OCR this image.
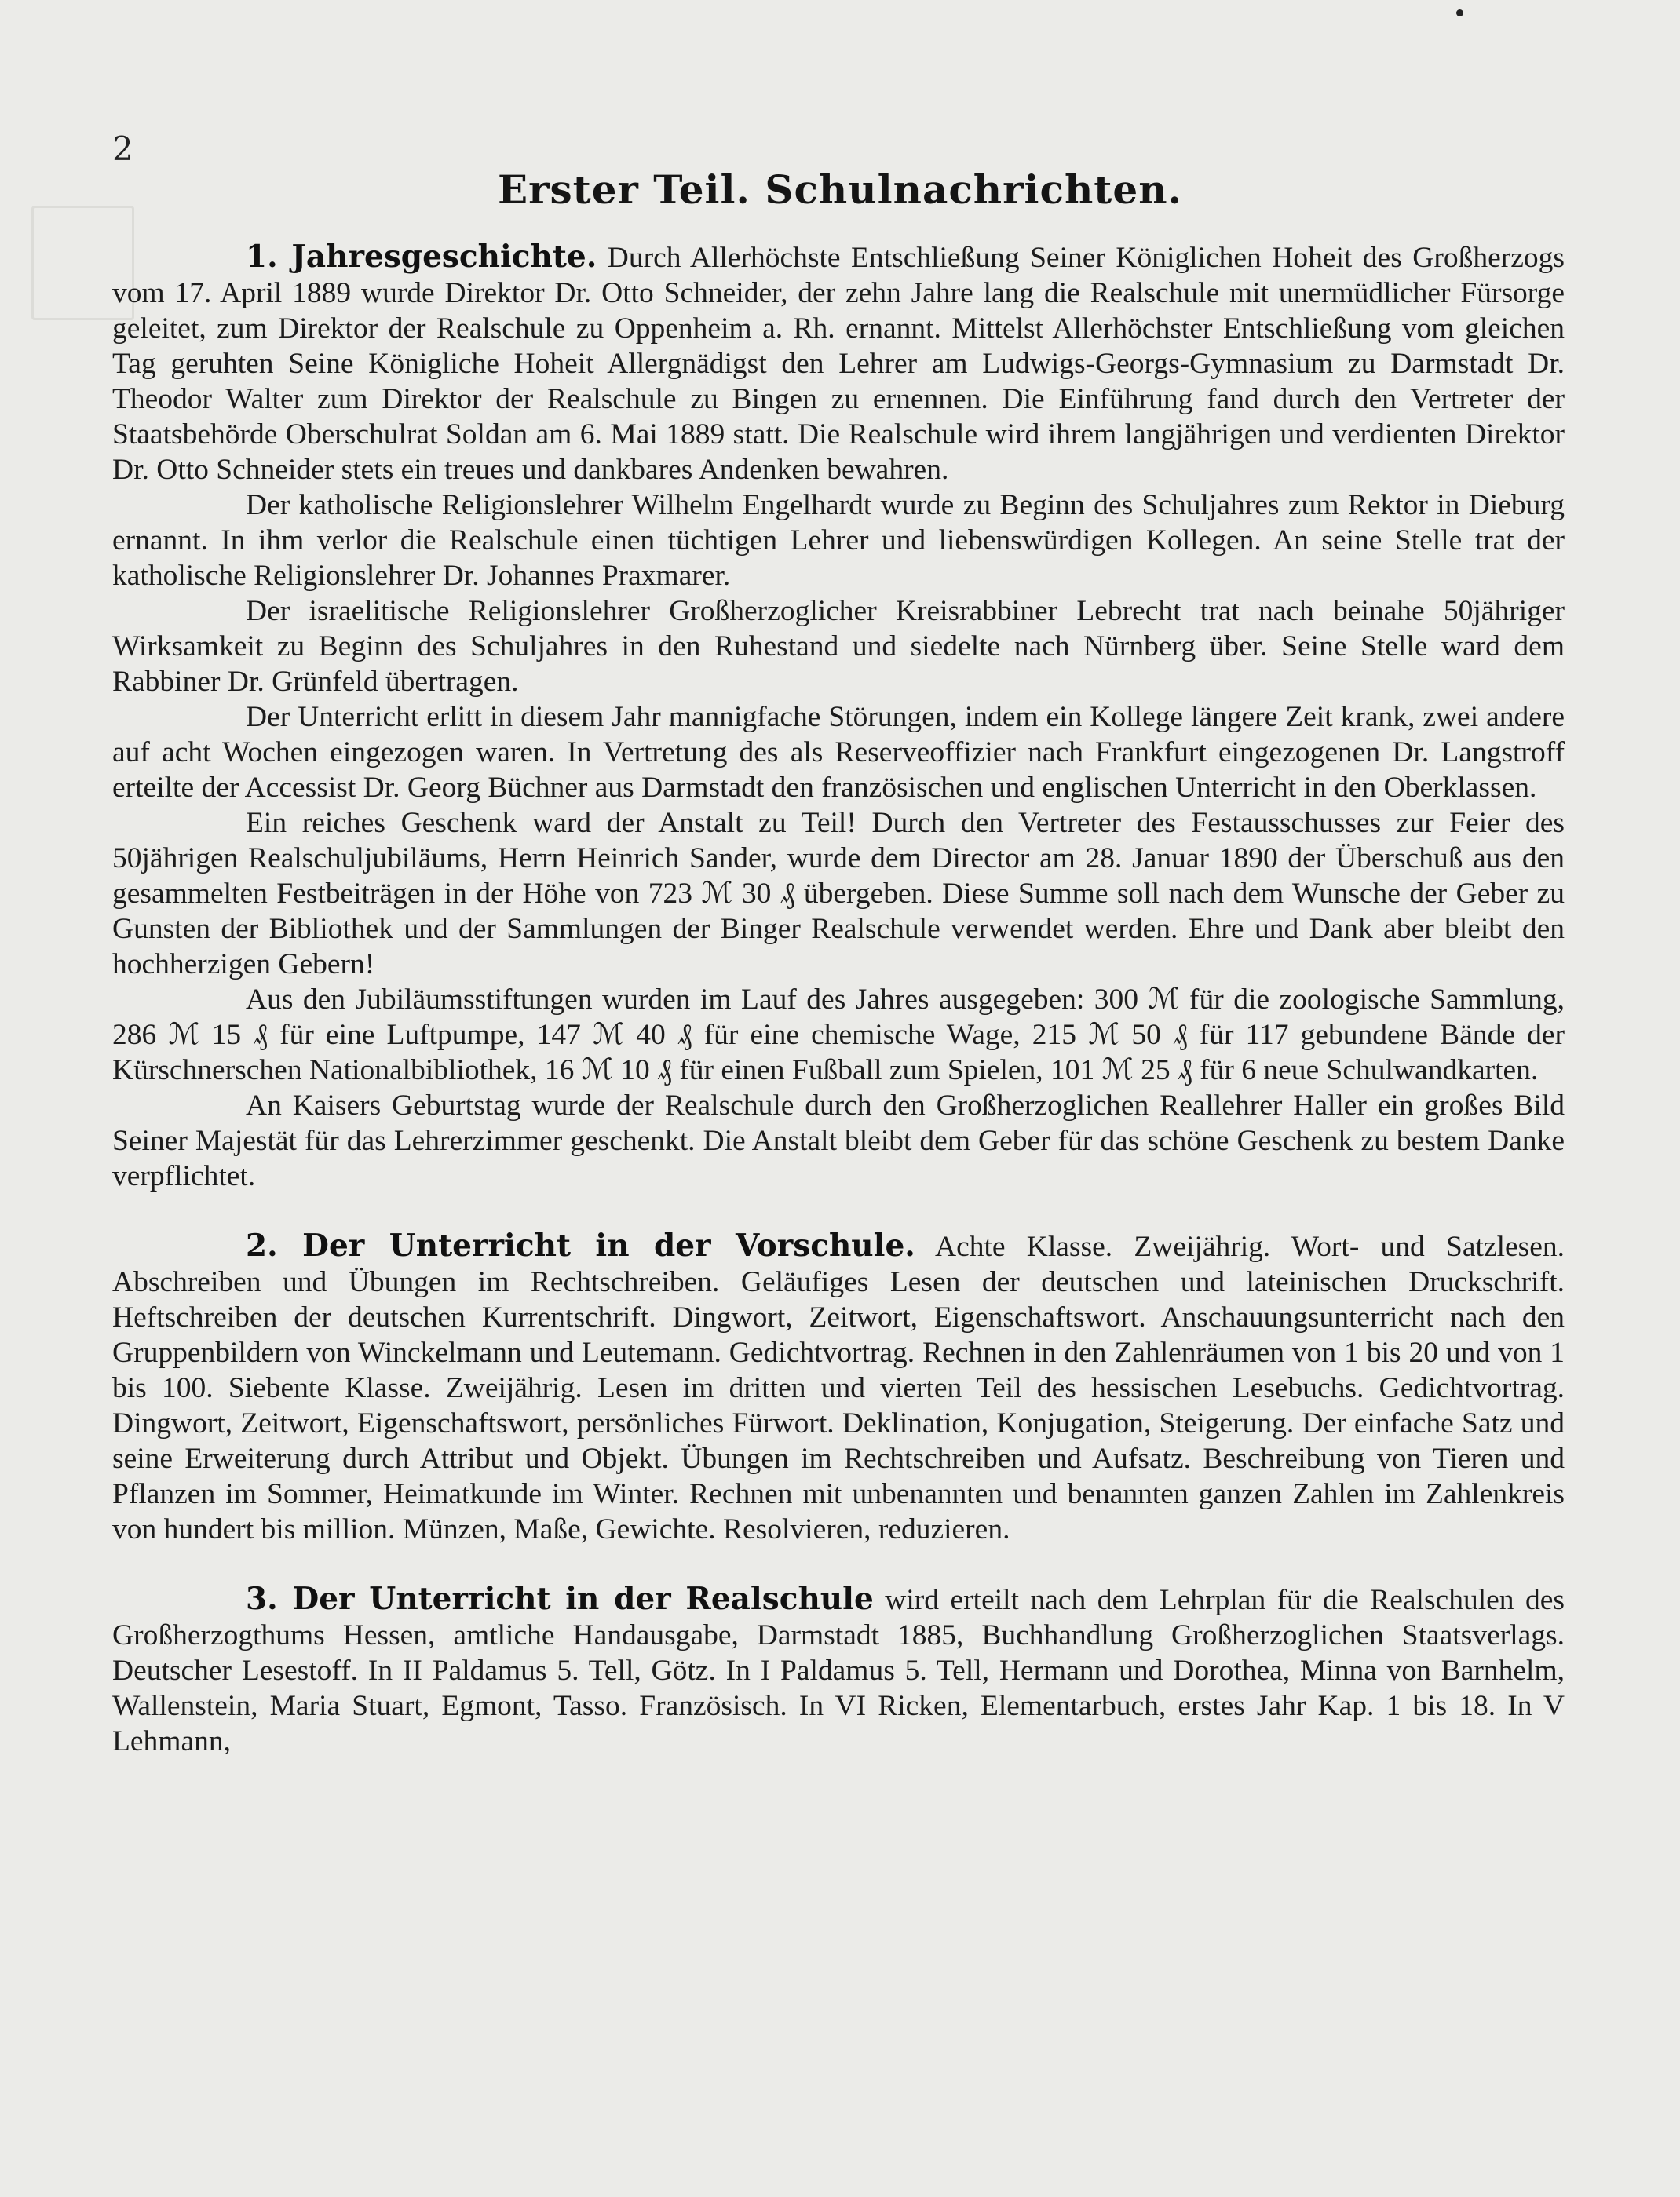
2
Erster Teil. Schulnachrichten.

1. Jahresgeschichte. Durch Allerhöchste Entschließung Seiner Königlichen Hoheit des Großherzogs vom 17. April 1889 wurde Direktor Dr. Otto Schneider, der zehn Jahre lang die Realschule mit unermüdlicher Fürsorge geleitet, zum Direktor der Realschule zu Oppenheim a. Rh. ernannt. Mittelst Allerhöchster Entschließung vom gleichen Tag geruhten Seine Königliche Hoheit Allergnädigst den Lehrer am Ludwigs-Georgs-Gymnasium zu Darmstadt Dr. Theodor Walter zum Direktor der Realschule zu Bingen zu ernennen. Die Einführung fand durch den Vertreter der Staatsbehörde Oberschulrat Soldan am 6. Mai 1889 statt. Die Realschule wird ihrem langjährigen und verdienten Direktor Dr. Otto Schneider stets ein treues und dankbares Andenken bewahren.

Der katholische Religionslehrer Wilhelm Engelhardt wurde zu Beginn des Schuljahres zum Rektor in Dieburg ernannt. In ihm verlor die Realschule einen tüchtigen Lehrer und liebenswürdigen Kollegen. An seine Stelle trat der katholische Religionslehrer Dr. Johannes Praxmarer.

Der israelitische Religionslehrer Großherzoglicher Kreisrabbiner Lebrecht trat nach beinahe 50jähriger Wirksamkeit zu Beginn des Schuljahres in den Ruhestand und siedelte nach Nürnberg über. Seine Stelle ward dem Rabbiner Dr. Grünfeld übertragen.

Der Unterricht erlitt in diesem Jahr mannigfache Störungen, indem ein Kollege längere Zeit krank, zwei andere auf acht Wochen eingezogen waren. In Vertretung des als Reserveoffizier nach Frankfurt eingezogenen Dr. Langstroff erteilte der Accessist Dr. Georg Büchner aus Darmstadt den französischen und englischen Unterricht in den Oberklassen.

Ein reiches Geschenk ward der Anstalt zu Teil! Durch den Vertreter des Festausschusses zur Feier des 50jährigen Realschuljubiläums, Herrn Heinrich Sander, wurde dem Director am 28. Januar 1890 der Überschuß aus den gesammelten Festbeiträgen in der Höhe von 723 ℳ 30 ₰ übergeben. Diese Summe soll nach dem Wunsche der Geber zu Gunsten der Bibliothek und der Sammlungen der Binger Realschule verwendet werden. Ehre und Dank aber bleibt den hochherzigen Gebern!

Aus den Jubiläumsstiftungen wurden im Lauf des Jahres ausgegeben: 300 ℳ für die zoologische Sammlung, 286 ℳ 15 ₰ für eine Luftpumpe, 147 ℳ 40 ₰ für eine chemische Wage, 215 ℳ 50 ₰ für 117 gebundene Bände der Kürschnerschen Nationalbibliothek, 16 ℳ 10 ₰ für einen Fußball zum Spielen, 101 ℳ 25 ₰ für 6 neue Schulwandkarten.

An Kaisers Geburtstag wurde der Realschule durch den Großherzoglichen Reallehrer Haller ein großes Bild Seiner Majestät für das Lehrerzimmer geschenkt. Die Anstalt bleibt dem Geber für das schöne Geschenk zu bestem Danke verpflichtet.

2. Der Unterricht in der Vorschule. Achte Klasse. Zweijährig. Wort- und Satzlesen. Abschreiben und Übungen im Rechtschreiben. Geläufiges Lesen der deutschen und lateinischen Druckschrift. Heftschreiben der deutschen Kurrentschrift. Dingwort, Zeitwort, Eigenschaftswort. Anschauungsunterricht nach den Gruppenbildern von Winckelmann und Leutemann. Gedichtvortrag. Rechnen in den Zahlenräumen von 1 bis 20 und von 1 bis 100. Siebente Klasse. Zweijährig. Lesen im dritten und vierten Teil des hessischen Lesebuchs. Gedichtvortrag. Dingwort, Zeitwort, Eigenschaftswort, persönliches Fürwort. Deklination, Konjugation, Steigerung. Der einfache Satz und seine Erweiterung durch Attribut und Objekt. Übungen im Rechtschreiben und Aufsatz. Beschreibung von Tieren und Pflanzen im Sommer, Heimatkunde im Winter. Rechnen mit unbenannten und benannten ganzen Zahlen im Zahlenkreis von hundert bis million. Münzen, Maße, Gewichte. Resolvieren, reduzieren.

3. Der Unterricht in der Realschule wird erteilt nach dem Lehrplan für die Realschulen des Großherzogthums Hessen, amtliche Handausgabe, Darmstadt 1885, Buchhandlung Großherzoglichen Staatsverlags. Deutscher Lesestoff. In II Paldamus 5. Tell, Götz. In I Paldamus 5. Tell, Hermann und Dorothea, Minna von Barnhelm, Wallenstein, Maria Stuart, Egmont, Tasso. Französisch. In VI Ricken, Elementarbuch, erstes Jahr Kap. 1 bis 18. In V Lehmann,
